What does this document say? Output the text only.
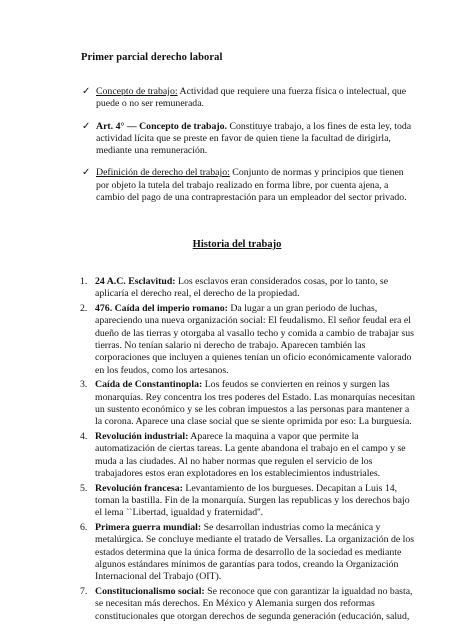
Primer parcial derecho laboral
✓ Concepto de trabajo: Actividad que requiere una fuerza física o intelectual, que puede o no ser remunerada.
✓ Art. 4° — Concepto de trabajo. Constituye trabajo, a los fines de esta ley, toda actividad lícita que se preste en favor de quien tiene la facultad de dirigirla, mediante una remuneración.
✓ Definición de derecho del trabajo: Conjunto de normas y principios que tienen por objeto la tutela del trabajo realizado en forma libre, por cuenta ajena, a cambio del pago de una contraprestación para un empleador del sector privado.
Historia del trabajo
1. 24 A.C. Esclavitud: Los esclavos eran considerados cosas, por lo tanto, se aplicaría el derecho real, el derecho de la propiedad.
2. 476. Caída del imperio romano: Da lugar a un gran periodo de luchas, apareciendo una nueva organización social: El feudalismo. El señor feudal era el dueño de las tierras y otorgaba al vasallo techo y comida a cambio de trabajar sus tierras. No tenían salario ni derecho de trabajo. Aparecen también las corporaciones que incluyen a quienes tenían un oficio económicamente valorado en los feudos, como los artesanos.
3. Caída de Constantinopla: Los feudos se convierten en reinos y surgen las monarquías. Rey concentra los tres poderes del Estado. Las monarquías necesitan un sustento económico y se les cobran impuestos a las personas para mantener a la corona. Aparece una clase social que se siente oprimida por eso: La burguesía.
4. Revolución industrial: Aparece la maquina a vapor que permite la automatización de ciertas tareas. La gente abandona el trabajo en el campo y se muda a las ciudades. Al no haber normas que regulen el servicio de los trabajadores estos eran explotadores en los establecimientos industriales.
5. Revolución francesa: Levantamiento de los burgueses. Decapitan a Luis 14, toman la bastilla. Fin de la monarquía. Surgen las republicas y los derechos bajo el lema ``Libertad, igualdad y fraternidad''.
6. Primera guerra mundial: Se desarrollan industrias como la mecánica y metalúrgica. Se concluye mediante el tratado de Versalles. La organización de los estados determina que la única forma de desarrollo de la sociedad es mediante algunos estándares mínimos de garantías para todos, creando la Organización Internacional del Trabajo (OIT).
7. Constitucionalismo social: Se reconoce que con garantizar la igualdad no basta, se necesitan más derechos. En México y Alemania surgen dos reformas constitucionales que otorgan derechos de segunda generación (educación, salud,
